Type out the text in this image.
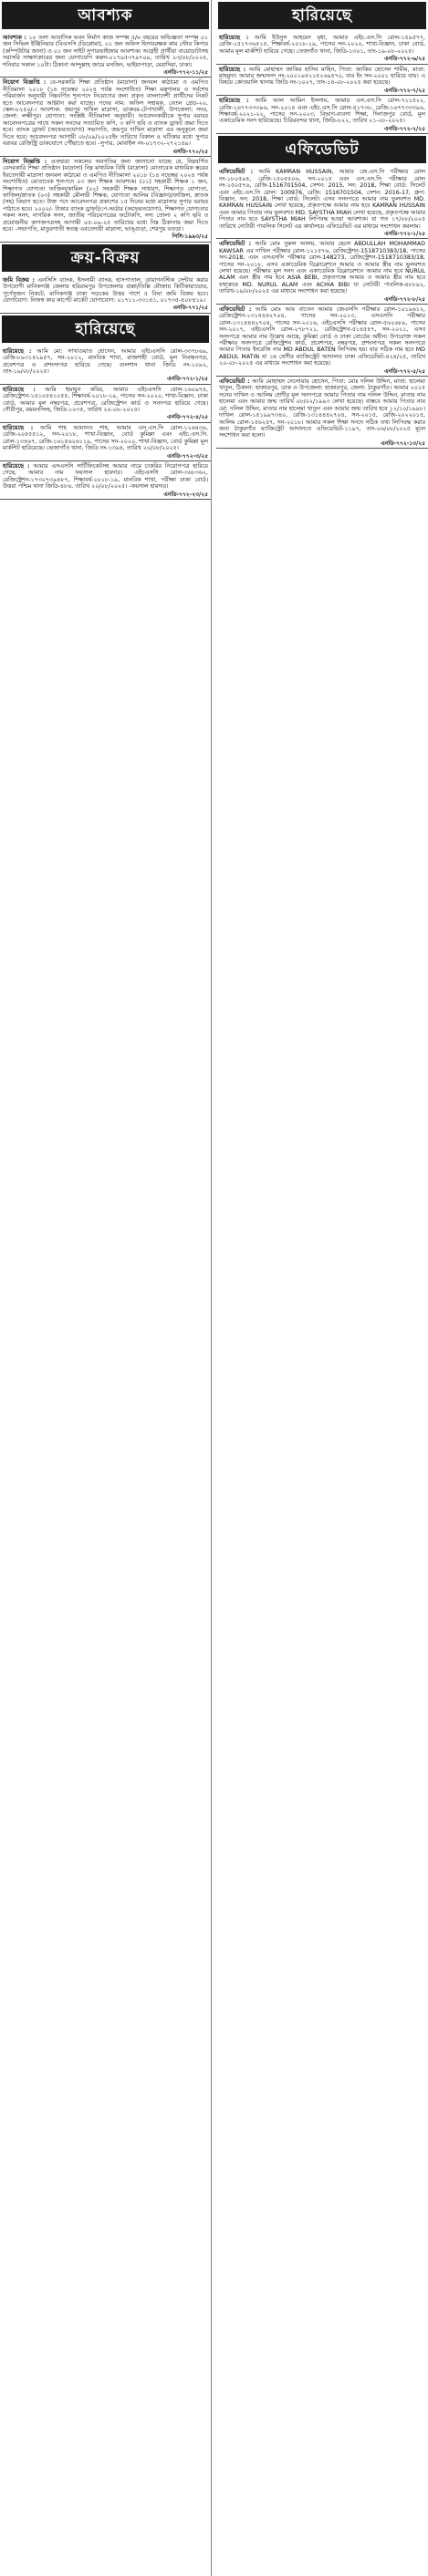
আবশ্যক
আবশ্যক : ১০ তলা আবাসিক ভবন নির্মাণ কাজ সম্পন্ন ৫/৬ বছরের অভিজ্ঞতা সম্পন্ন ০১ জন সিভিল ইঞ্জিনিয়ার (বিএসসি /ডিপ্লোমা), ০১ জন অফিস হিসাবরক্ষক কাম স্টোর কিপার (কম্পিউটার জানা) ও ০১ জন সাইট সুপারভাইজার আবশ্যক। আগ্রহী প্রার্থীরা বায়োডাটাসহ সরাসরি সাক্ষাৎকারের জন্য যোগাযোগ করুন-০১৭৯৫৩৭৯৭০৯, তারিখ ২৩/০৮/২০২৫, শনিবার সকাল ১০টা। ঠিকানা আন্দুল্লাহ জামে মসজিদ, ভাইয়াপাড়া, মেরাদিয়া, ঢাকা।
এনডি-৭৭২-১১/২৫
নিয়োগ বিজ্ঞপ্তি : বে-সরকারি শিক্ষা প্রতিষ্ঠান (মাদ্রাসা) জনবল কাঠামো ও এমপিও নীতিমালা ২০১৮ (১৪ নভেম্বর ২০২৪ পর্যন্ত সংশোধিত) শিক্ষা মন্ত্রণালয় ও সর্বশেষ পরিমার্জন অনুযায়ী নিম্নবর্ণিত শূন্যপদে নিয়োগের জন্য প্রকৃত বাংলাদেশী প্রার্থীদের নিকট হতে আবেদনপত্র আহ্বান করা যাচ্ছে। পদের নাম: অফিস সহায়ক, বেতন গ্রেড-২০, স্কেল-৮২৫০/-। আবশ্যক: জয়পুর দাখিল মাদ্রাসা, ডাকঘর-টেপাখালী, উপজেলা: সদর, জেলা: লক্ষীপুর। যোগ্যতা: সংশ্লিষ্ট নীতিমালা অনুযায়ী। আবেদনকারীকে সুপার বরাবর আবেদনপত্রের সাথে সকল সনদের সত্যায়িত কপি, ৩ কপি ছবি ও ব্যাংক ড্রাফট জমা দিতে হবে। ব্যাংক ড্রাফট (অফেরতযোগ্য) সভাপতি, জয়পুর দাখিল মাদ্রাসা এর অনুকূলে জমা দিতে হবে। আবেদনপত্র আগামী ০৮/০৯/২০২৫ইং তারিখে বিকাল ৪ ঘটিকার মধ্যে সুপার বরাবর রেজিস্ট্রি ডাকযোগে পৌঁছাতে হবে। -সুপার, মোবাইল নং-০১৭৩২-২৭২১৪৯।
এনডি-৭৭০/২৫
নিয়োগ বিজ্ঞপ্তি : এতদ্বারা সকলের অবগতির জন্য জানানো যাচ্ছে যে, নিম্নবর্ণিত বেসরকারি শিক্ষা প্রতিষ্ঠান (মাদ্রাসা) নিম্ন মাধ্যমিক বিধি (মাদ্রাসা) মোতাবেক মাধ্যমিক স্তরের ইবতেদায়ী মাদ্রাসা জনবল কাঠামো ও এমপিও নীতিমালা ২০১৮ (১৪ নভেম্বর ২০২৪ পর্যন্ত সংশোধিত) মোতাবেক শূন্যপদে ০৩ জন শিক্ষক আবশ্যক। (০১) সহকারী শিক্ষক ১ জন, শিক্ষাগত যোগ্যতা ফাজিল/কামিল (০২) সহকারী শিক্ষক সাধারণ, শিক্ষাগত যোগ্যতা, ফাজিল/স্নাতক (০৩) সহকারী মৌলভী শিক্ষক, যোগ্যতা আলিম (বিজ্ঞান)/ফাজিল, স্নাতক (সহ) বিভাগ হতে। উক্ত পদে আবেদনপত্র প্রকাশের ১৫ দিনের মধ্যে মাদ্রাসার সুপার বরাবর পাঠাতে হবে। ২০০০/- টাকার ব্যাংক ড্রাফট/পে-অর্ডার (অফেরতযোগ্য), শিক্ষাগত যোগ্যতার সকল সনদ, নাগরিক সনদ, জাতীয় পরিচয়পত্রের ফটোকপি, সদ্য তোলা ২ কপি ছবি ও প্রয়োজনীয় কাগজপত্রসহ আগামী ০৫-০৯-২৫ তারিখের মধ্যে নিম্ন ঠিকানায় জমা দিতে হবে। -সভাপতি, মাতুরগাতী স্বতন্ত্র এবতেদায়ী মাদ্রাসা, ভাঙ্গুড়া, শেরপুর বগুড়া।
পিসি-১৯৯৩/২৫
ক্রয়-বিক্রয়
জমি বিক্রয় : এনসিসি ব্যাংক, ইসলামী ব্যাংক, হাসপাতাল, ডায়াগনস্টিক সেন্টার করার উপযোগী মানিকগঞ্জ জেলার হরিরামপুর উপজেলার বাল্লা/তিল্লি মৌজায় কিটিকারাভোর, পুর্ণেসুজন নিকটে, মানিকগঞ্জ ঢাকা সড়কের উত্তর পাশে ৫ বিঘা জমি বিক্রয় হবে। যোগাযোগ: নিজস্ব কার কার্পেট মার্কেট যোগাযোগ: ০১৭১১-৩৩১৪১, ০১৭৩৫-৪০৮৪১৯।
এনডি-৭৭১/২৫
হারিয়েছে
হারিয়েছে : আমি মো: সাখাওয়াত হোসেন, আমার এইচএসসি রোল-৩৩৭৮৬৯, রেজি-৮৯৩১৪২৯৫৭, সন-২০১২, মানবিক শাখা, রাজশাহী বোর্ড, মূল নিবন্ধনপত্র, প্রবেশপত্র ও প্রশংসাপত্র হারিয়ে গেছে। গুলশান থানা জিডি নং-১০৯২, তাং-১৯/০৮/২০২৫।
এনডি-৭৭২-১/২৫
হারিয়েছে : আমি হুমায়ুন কবির, আমার এইচএসসি রোল-১৬০৯৭৪, রেজিস্ট্রেশন-১৫১০৫৪১০৫৫, শিক্ষাবর্ষ-২০১৮-১৯, পাসের সন-২০২০, শাখা-বিজ্ঞান, ঢাকা বোর্ড, আমার মূল নম্বরপত্র, প্রবেশপত্র, রেজিস্ট্রেশন কার্ড ও সনদপত্র হারিয়ে গেছে। গৌরীপুর, ময়মনসিংহ, জিডি-১০৩৫, তারিখ ২০-০৮-২০২৫।
এনডি-৭৭২-৪/২৫
হারিয়েছে : আমি শাহ আমানত শাহ, আমার এস.এস.সি রোল-১২৬৪৩৬, রেজি-২০৫৫৫১২, সন-২০১৮, শাখা-বিজ্ঞান, বোর্ড কুমিল্লা এবং এইচ.এস.সি. রোল-১৩৪৬৭, রেজি-১৬১৫৬২৬১১৯, পাসের সন-২০২০, শাখা-বিজ্ঞান, বোর্ড কুমিল্লা মূল মার্কশিট হারিয়েছে। ভেজাগাঁও থানা, জিডি নং-১৩৯৪, তারিখ ২০/০৮/২০২৫।
এনডি-৭৭২-৩/২৫
হারিয়েছে : আমার এসএসসি সার্টিফিকেটসহ আমার নামে চাকরির নিয়োগপত্র হারিয়ে গেছে, আমার নাম ফয়সাল হায়দার। এইচএসসি রোল-৩৬৮৩৬২, রেজিস্ট্রেশন-১৭৩০৭৩৯৪৮৭, শিক্ষাবর্ষ-২০১৮-১৯, মানবিক শাখা, পরীক্ষা ঢাকা বোর্ড। উত্তরা পশ্চিম থানা জিডি-৪৮৬, তারিখ ২০/০৮/২০২৫। -ফয়সাল হায়দার।
এনডি-৭৭২-২৩/২৫
হারিয়েছে
হারিয়েছে : আমি ইউনুস আহমেদ মৃধা, আমার এইচ.এস.সি রোল-১৫৯৫৭৭, রেজি-১৫১৭৩৬৫১৫, শিক্ষাবর্ষ-২০১৮-১৯, পাসের সন-২০২০, শাখা-বিজ্ঞান, ঢাকা বোর্ড, আমার মূল মার্কশিট হারিয়ে গেছে। তেজগাঁও থানা, জিডি-১৩০১, তাং-১৯-০৮-২০২৫।
এনডি-৭৭২-৬/২৫
হারিয়েছে : আমি মোহাম্মদ জাকির হাসিব মাহিন, পিতা: জাকির হোসেন শামীম, মাতা: মাহমুদা। আমার জন্মসনদ নং-২০০১৯৫২১৫২৬৯৫৭০, যার ইং সন-২০০১ হারিয়ে যায়। এ বিষয়ে কোতয়ালি থানায় জিডি নং-১০২৭, তাং-১৪-০৮-২০২৫ করা হয়েছে।
এনডি-৭৭২-৭/২৫
হারিয়েছে : আমি আল আমিন ইসলাম, আমার এস.এস.সি রোল-৭১১৫২২, রেজি-১৬৭৭৩৩৩৯৬, সন-২০১৪ এবং এইচ.এস.সি রোল-৪১৭৩৮, রেজি-১৬৭৭৩৩৩৯৬, শিক্ষাবর্ষ-২০২১-২২, পাসের সন-২০২৩, বিভাগ-ব্যবসা শিক্ষা, দিনাজপুর বোর্ড, মূল একাডেমিক সনদ হারিয়েছে। চিরিরবন্দর থানা, জিডি-৮২২, তারিখ ২১-০৮-২০২৫।
এনডি-৭৭২-২/২৫
এফিডেভিট
এফিডেভিট : আমি KAMRAN HUSSAIN, আমার জে.এস.সি পরীক্ষার রোল নং-১৮০৫৯৪, রেজি-১৫০৫৫০৬, সন-২০১৫ এবং এস.এস.সি পরীক্ষার রোল নং-১৫০৫৭৬, রেজি-1516701504, সেশন: 2015, সন: 2018, শিক্ষা বোর্ড: সিলেট এবং এইচ.এস.সি রোল: 100976, রেজি: 1516701504, সেশন: 2016-17, গ্রুপ: বিজ্ঞান, সন: 2018, শিক্ষা বোর্ড: সিলেট। এসব সনদপত্রে আমার নাম ভুলবশত MD. KAMRAN HUSSAIN লেখা হয়েছে, প্রকৃতপক্ষে আমার নাম হবে KAMRAN HUSSAIN এবং আমার পিতার নাম ভুলবশত MD. SAYSTHA MIAH লেখা হয়েছে, প্রকৃতপক্ষে আমার পিতার নাম হবে SAYSTHA MIAH লিপিবদ্ধ হওয়া আবশ্যক। যা গত ১৭/০৮/২০২৫ তারিখে নোটারী পাবলিক সিলেট এর কার্যালয়ে এফিডেভিট এর মাধ্যমে সংশোধন করলাম।
এনডি-৭৭২-১/২৫
এফিডেভিট : আমি মোঃ নুরুল আলম, আমার ছেলে ABDULLAH MOHAMMAD KAWSAR এর দাখিল পরীক্ষার রোল-১২১৫৭৬, রেজিস্ট্রেশন-1518710383/18, পাসের সন-2018, এবং এসএসসি পরীক্ষার রোল-148273, রেজিস্ট্রেশন-1518710383/18, পাসের সন-২০১৮, এসব একাডেমিক ডিক্লারেশনে আমার ও আমার স্ত্রীর নাম ভুলবশত লেখা হয়েছে। পরীক্ষার মূল সনদ এবং একাডেমিক ডিক্লারেশনে আমার নাম হবে NURUL ALAM এবং স্ত্রীর নাম হবে ASIA BEBI, প্রকৃতপক্ষে আমার ও আমার স্ত্রীর নাম হবে যথাক্রমে MD. NURUL ALAM এবং ACHIA BIBI যা নোটারী পাবলিক-৪৮৮৯২, তারিখ-১৯/০৮/২০২৫ এর মাধ্যমে সংশোধন করা হয়েছে।
এনডি-৭৭২-৮/২৫
এফিডেভিট : আমি মোঃ আঃ বাতেন আমার জেএসসি পরীক্ষার রোল-১০১৯৬১২, রেজিস্ট্রেশন-১৩১৪৪৪২৭০৪, পাসের সন-২০১৩, এসএসসি পরীক্ষার রোল-১৩১৪৪৪২৭০৪, পাসের সন-২০১৬, এইচএসসি পরীক্ষার রোল-৫৬২৬৮৯, পাসের সন-২০১৭, এইচএসসি রোল-২৭৮৭২১, রেজিস্ট্রেশন-৫১৪৫৪৭, সন-২০২১, এসব সনদপত্রে আমার নাম উল্লেখ আছে, কুমিল্লা বোর্ড ও ঢাকা বোর্ডের অধীন। উপরোক্ত সকল পরীক্ষার সনদপত্রে রেজিস্ট্রেশন কার্ড, প্রবেশপত্র, নম্বরপত্র, প্রশংসাপত্র সকল সনদপত্রে আমার পিতার ইংরেজি নাম MD ABDUL BATEN লিপিবদ্ধ হয়। যার সঠিক নাম হবে MD ABDUL MATIN যা ১ম শ্রেণীর ম্যাজিস্ট্রেট আদালত ঢাকা এফিডেভিট-৪২৪/২৫, তারিখ ২০-০৮-২০২৫ এর মাধ্যমে সংশোধন করা হয়েছে।
এনডি-৭৭২-৫/২৫
এফিডেভিট : আমি মোহাম্মদ দেলোয়ার হোসেন, পিতা: মোঃ দলিল উদ্দিন, মাতা: হালেমা খাতুন, ঠিকানা: হাজারপুর, ডাক ও উপজেলা: হাজারপুর, জেলা: ঠাকুরগাঁও। আমার ২০১৫ সনের দাখিল ও আলিম শ্রেণীর মূল সনদপত্রে আমার পিতার নাম দলিল উদ্দিন, মাতার নাম হালেমা এবং আমার জন্ম তারিখ ০৮/০২/১৯৯৩ লেখা হয়েছে। বাস্তবে আমার পিতার নাম মো: দলিল উদ্দিন, মাতার নাম হালেমা খাতুন এবং আমার জন্ম তারিখ হবে ১২/১০/১৯৯৮। দাখিল রোল-১৫১৯৯৭৩৪০, রেজি-১৩১৪৪৪২৭০৪, সন-২০১৫, রেজি-২০২২০১৫, আলিম রোল-১৫৬২৪৭, সন-২০১৮। আমার সকল শিক্ষা সনদে সঠিক তথ্য লিপিবদ্ধ করার জন্য ঠাকুরগাঁও ম্যাজিস্ট্রেট আদালতে এফিডেভিট-১১৯৭, তাং-০৬/০৮/২০২৫ মূলে সংশোধন করা হলো।
এনডি-৭৭২-১৩/২৫
